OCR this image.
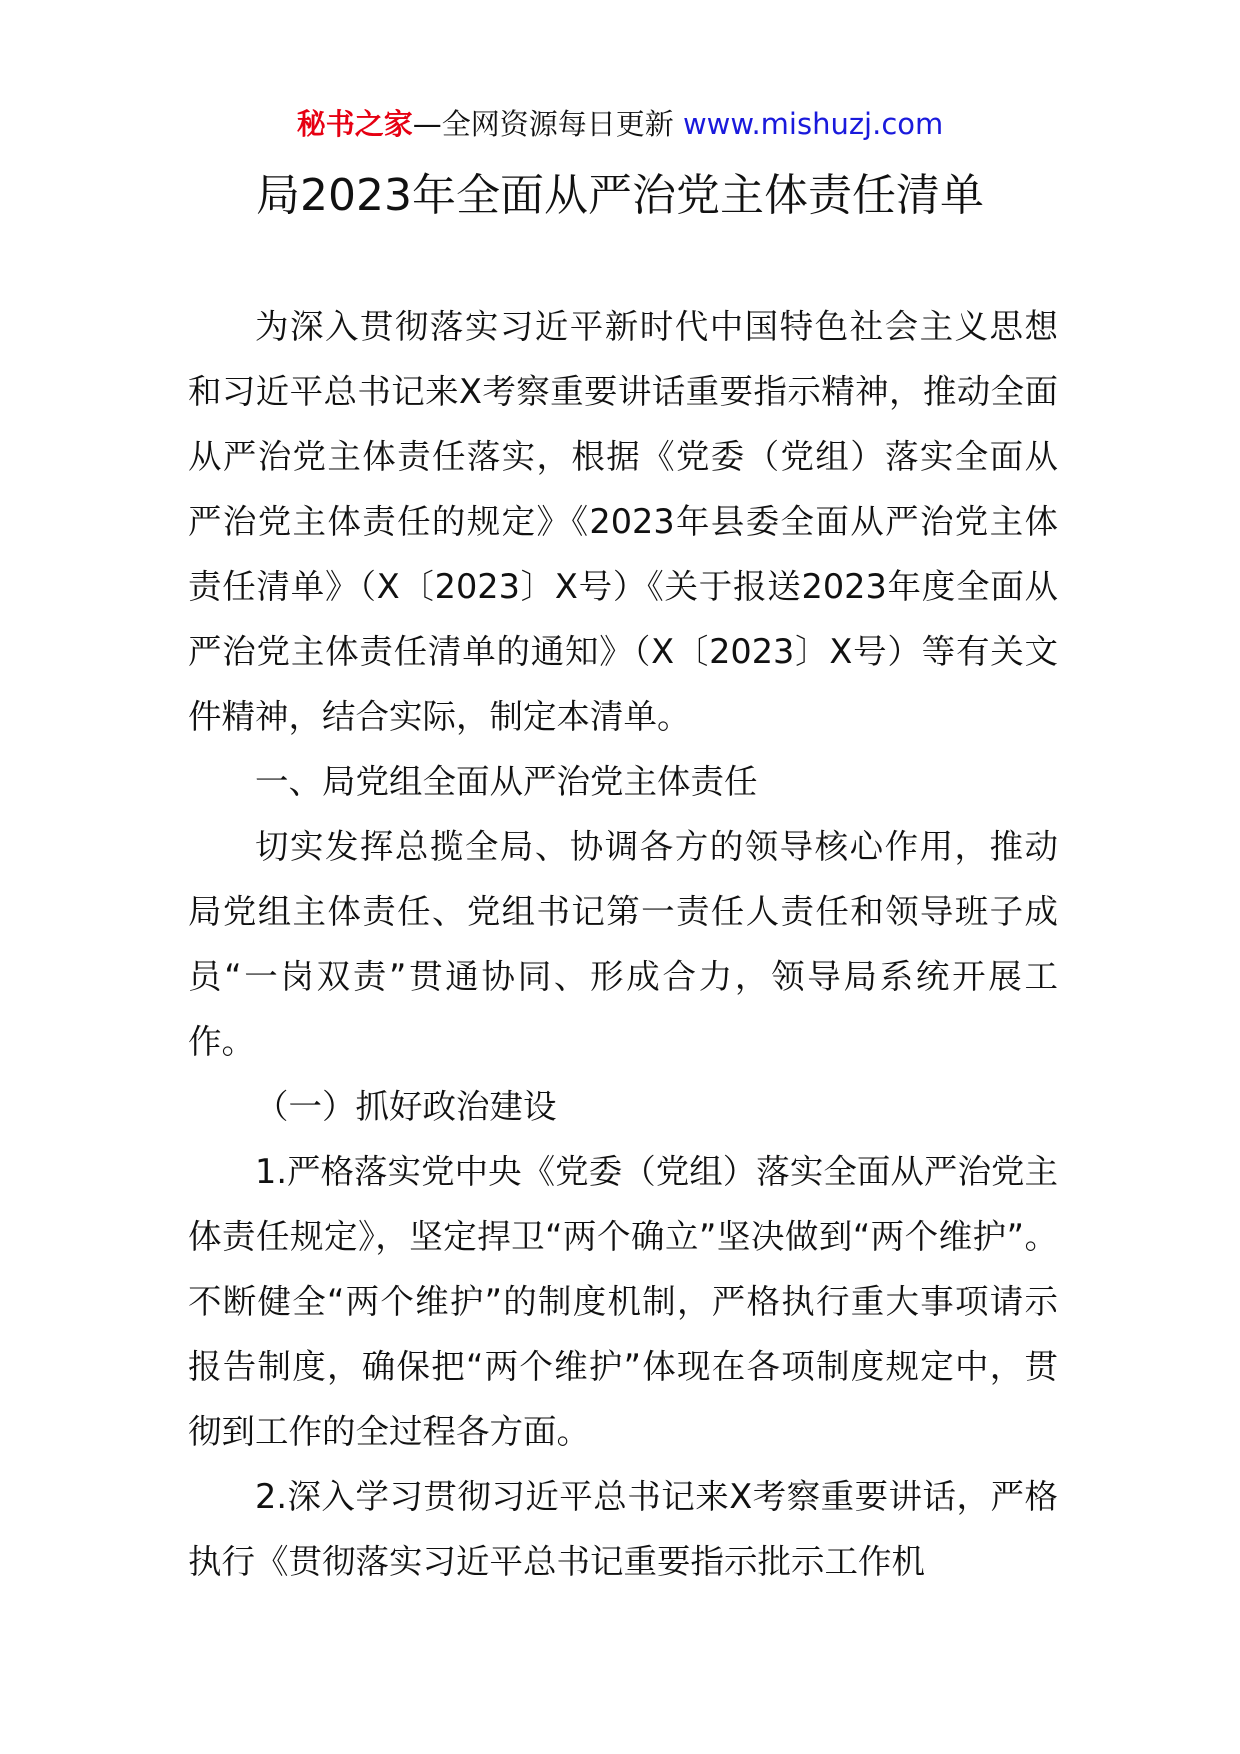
秘书之家—全网资源每日更新 www.mishuzj.com
局2023年全面从严治党主体责任清单

为深入贯彻落实习近平新时代中国特色社会主义思想和习近平总书记来X考察重要讲话重要指示精神，推动全面从严治党主体责任落实，根据《党委（党组）落实全面从严治党主体责任的规定》《2023年县委全面从严治党主体责任清单》（X〔2023〕X号）《关于报送2023年度全面从严治党主体责任清单的通知》（X〔2023〕X号）等有关文件精神，结合实际，制定本清单。

一、局党组全面从严治党主体责任

切实发挥总揽全局、协调各方的领导核心作用，推动局党组主体责任、党组书记第一责任人责任和领导班子成员“一岗双责”贯通协同、形成合力，领导局系统开展工作。

（一）抓好政治建设

1.严格落实党中央《党委（党组）落实全面从严治党主体责任规定》，坚定捍卫“两个确立”坚决做到“两个维护”。不断健全“两个维护”的制度机制，严格执行重大事项请示报告制度，确保把“两个维护”体现在各项制度规定中，贯彻到工作的全过程各方面。

2.深入学习贯彻习近平总书记来X考察重要讲话，严格执行《贯彻落实习近平总书记重要指示批示工作机
